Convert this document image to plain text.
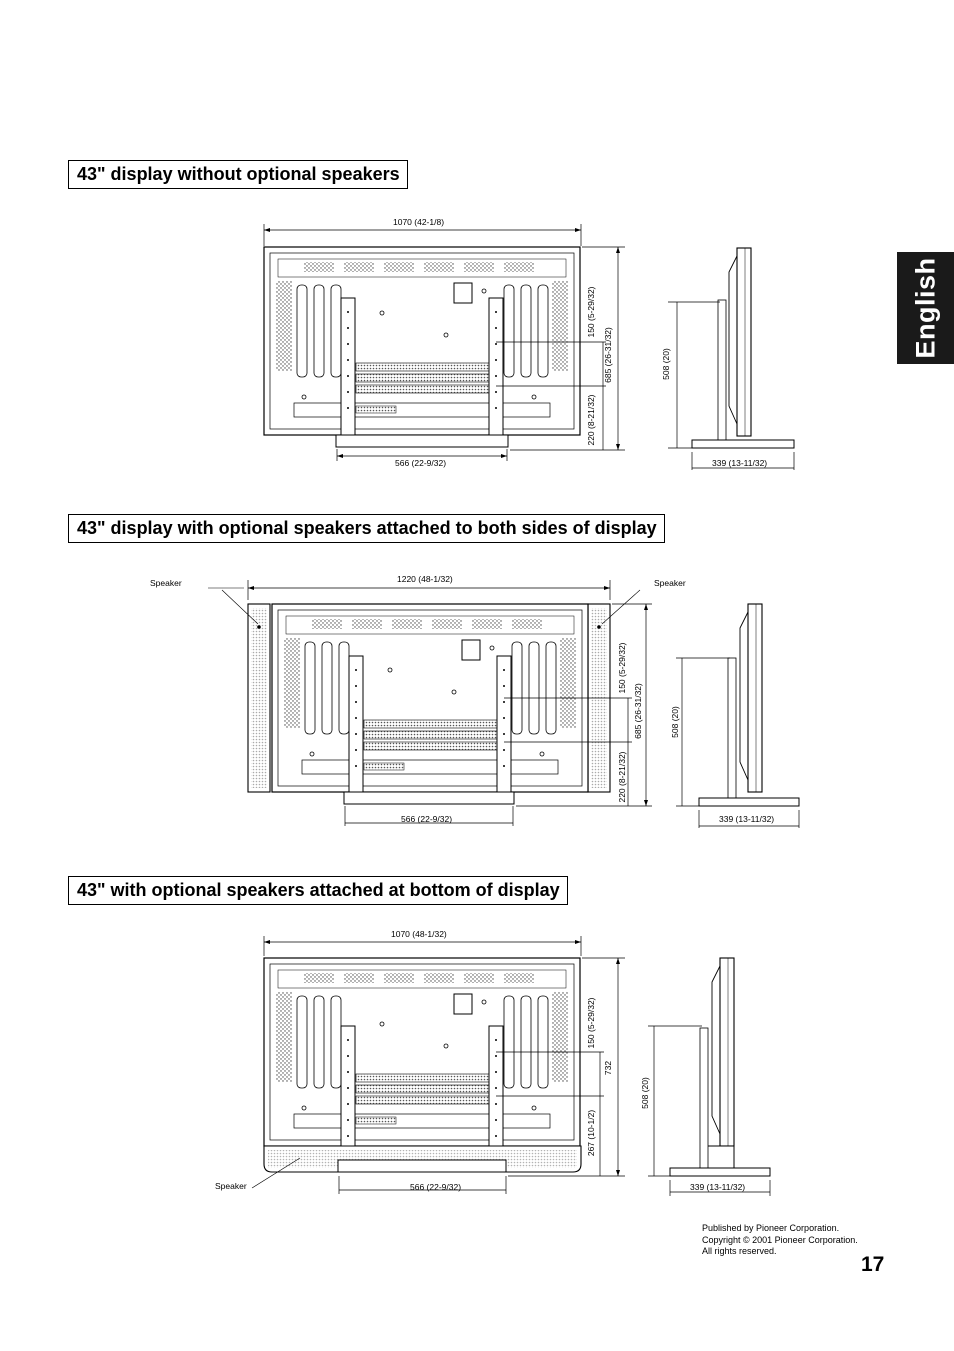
English
43" display without optional speakers
43" display with optional speakers attached to both sides of display
43" with optional speakers attached at bottom of display
1070 (42-1/8)
566 (22-9/32)
150 (5-29/32)
685 (26-31/32)
220 (8-21/32)
508 (20)
339 (13-11/32)
Speaker	Speaker
1220 (48-1/32)
566 (22-9/32)
150 (5-29/32)
685 (26-31/32)
220 (8-21/32)
508 (20)
339 (13-11/32)
1070 (48-1/32)
566 (22-9/32)
Speaker
150 (5-29/32)
732
267 (10-1/2)
508 (20)
339 (13-11/32)
Published by Pioneer Corporation.
Copyright © 2001 Pioneer Corporation.
All rights reserved.
17
